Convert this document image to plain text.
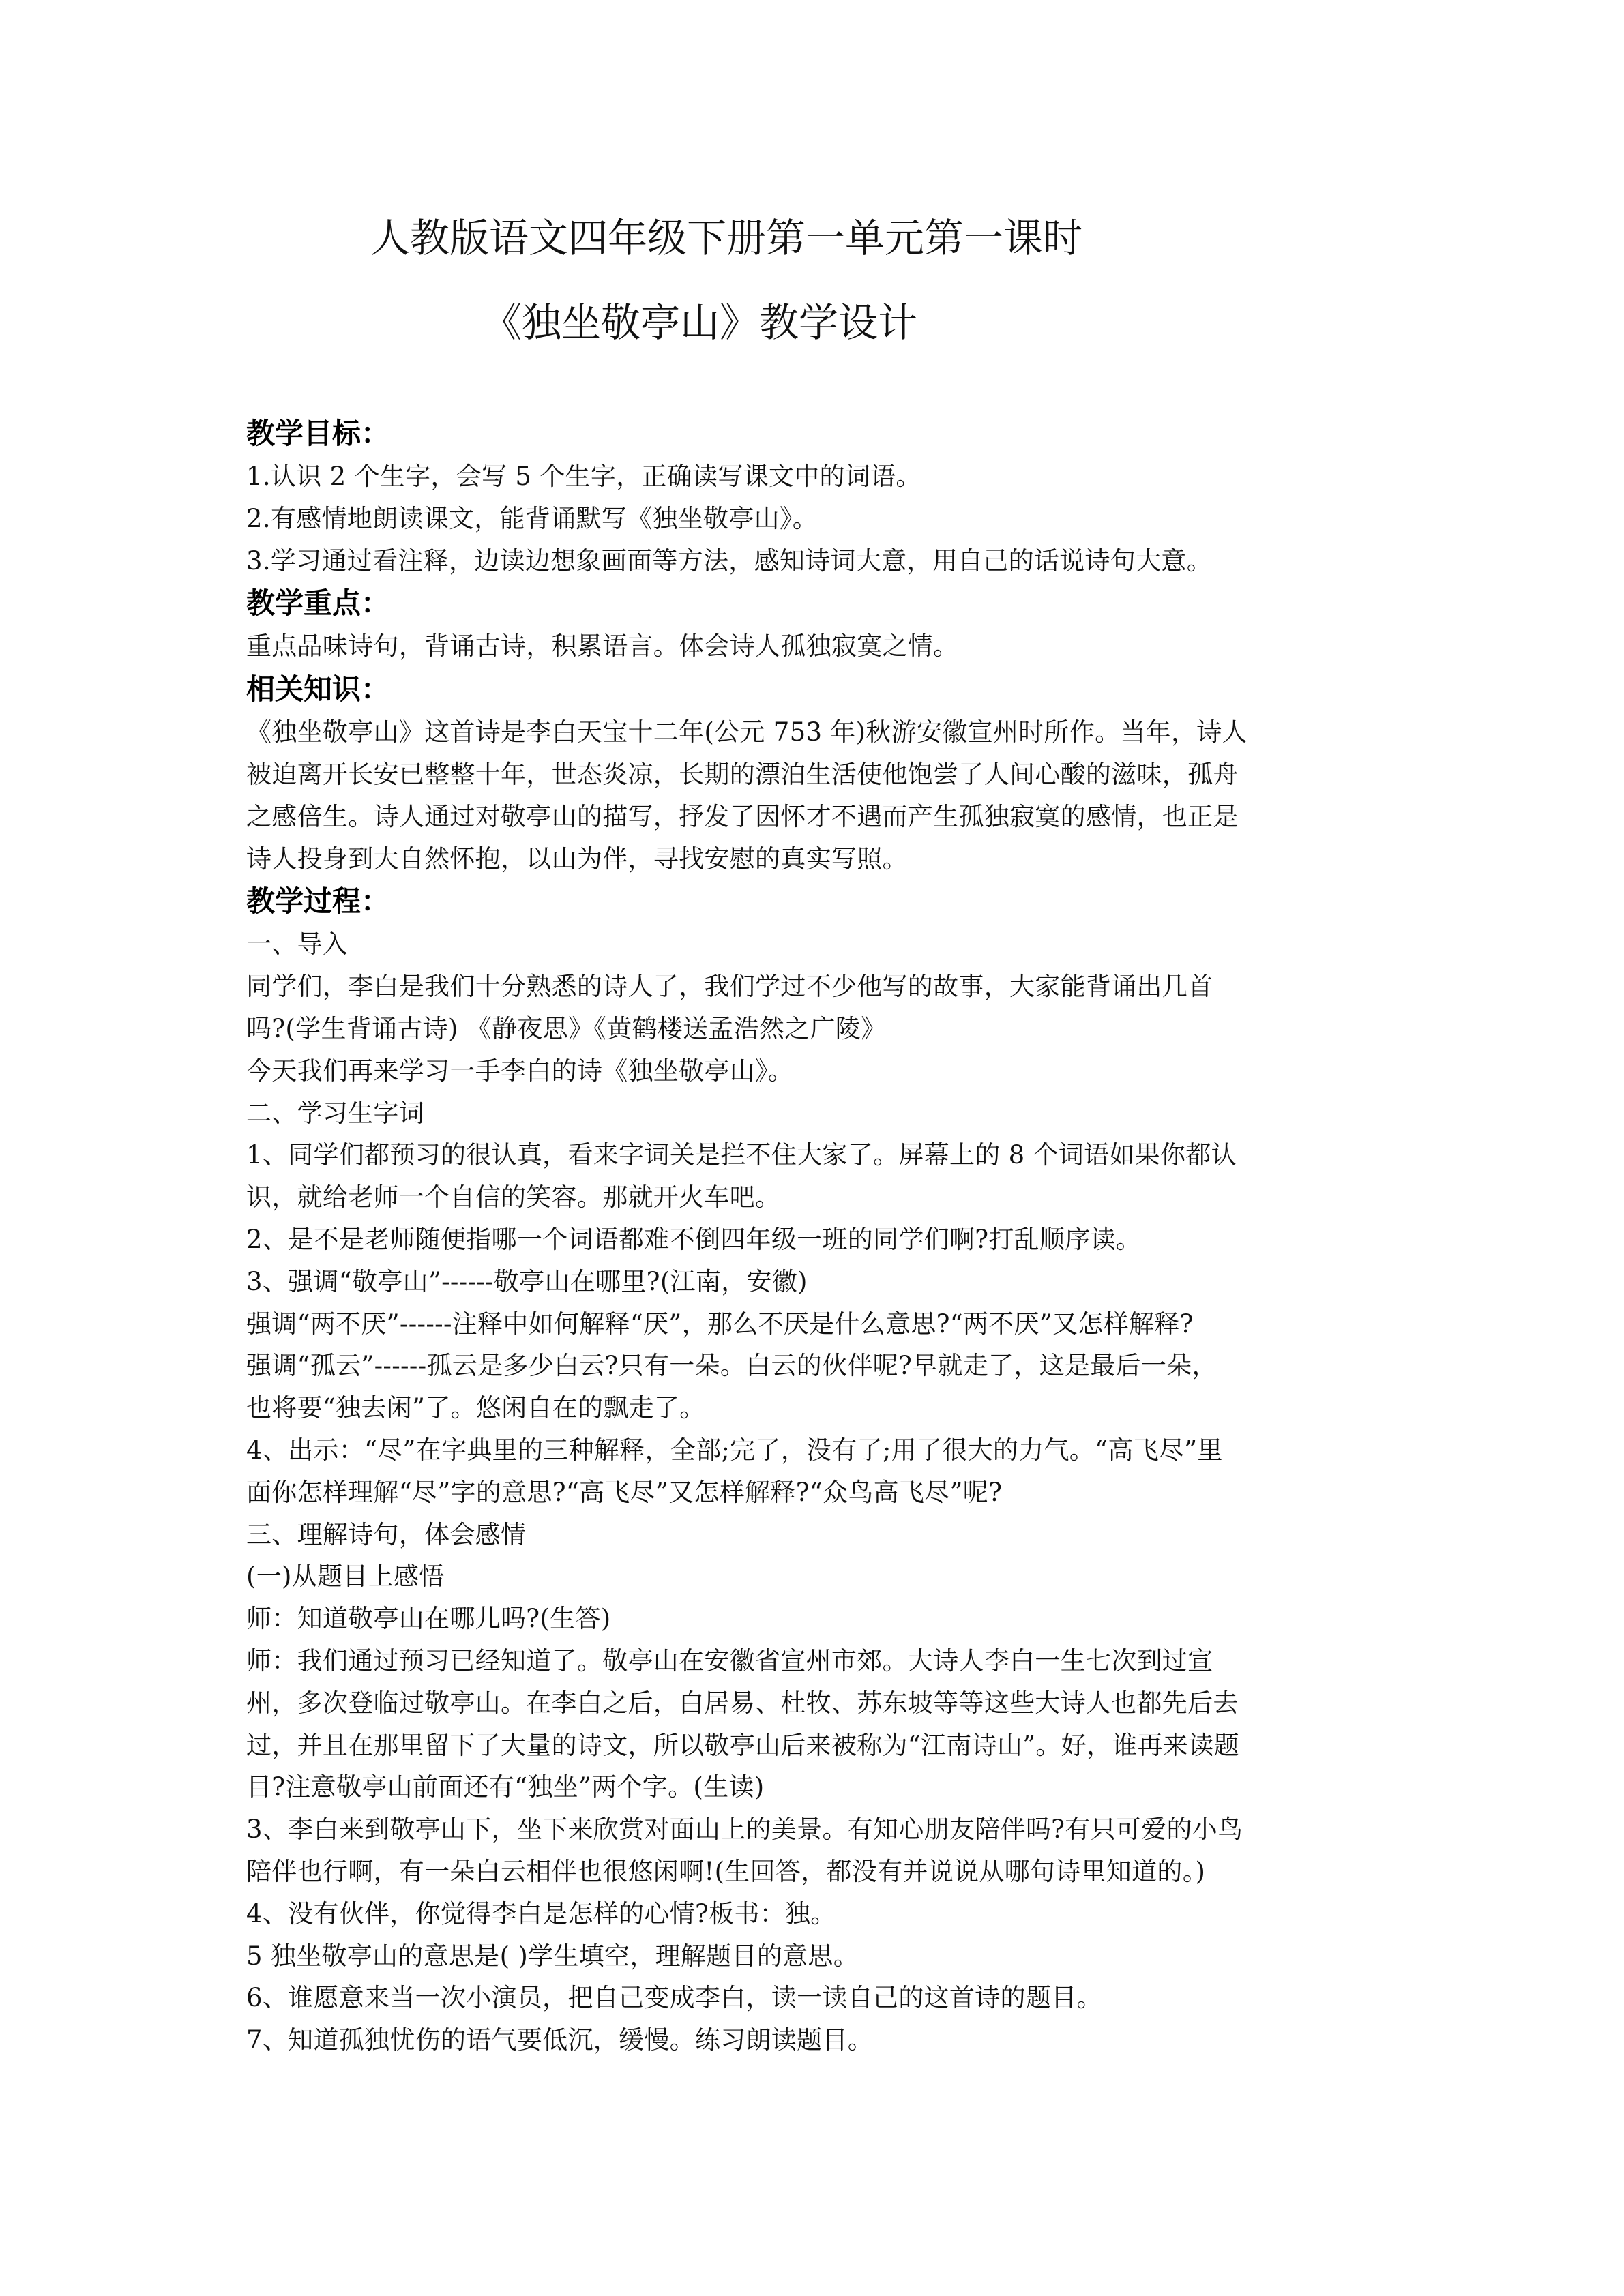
人教版语文四年级下册第一单元第一课时
《独坐敬亭山》教学设计
教学目标：
1.认识 2 个生字，会写 5 个生字，正确读写课文中的词语。
2.有感情地朗读课文，能背诵默写《独坐敬亭山》。
3.学习通过看注释，边读边想象画面等方法，感知诗词大意，用自己的话说诗句大意。
教学重点：
重点品味诗句，背诵古诗，积累语言。体会诗人孤独寂寞之情。
相关知识：
《独坐敬亭山》这首诗是李白天宝十二年(公元 753 年)秋游安徽宣州时所作。当年，诗人
被迫离开长安已整整十年，世态炎凉，长期的漂泊生活使他饱尝了人间心酸的滋味，孤舟
之感倍生。诗人通过对敬亭山的描写，抒发了因怀才不遇而产生孤独寂寞的感情，也正是
诗人投身到大自然怀抱，以山为伴，寻找安慰的真实写照。
教学过程：
一、导入
同学们，李白是我们十分熟悉的诗人了，我们学过不少他写的故事，大家能背诵出几首
吗?(学生背诵古诗) 《静夜思》《黄鹤楼送孟浩然之广陵》
今天我们再来学习一手李白的诗《独坐敬亭山》。
二、学习生字词
1、同学们都预习的很认真，看来字词关是拦不住大家了。屏幕上的 8 个词语如果你都认
识，就给老师一个自信的笑容。那就开火车吧。
2、是不是老师随便指哪一个词语都难不倒四年级一班的同学们啊?打乱顺序读。
3、强调“敬亭山”------敬亭山在哪里?(江南，安徽)
强调“两不厌”------注释中如何解释“厌”，那么不厌是什么意思?“两不厌”又怎样解释?
强调“孤云”------孤云是多少白云?只有一朵。白云的伙伴呢?早就走了，这是最后一朵，
也将要“独去闲”了。悠闲自在的飘走了。
4、出示：“尽”在字典里的三种解释，全部;完了，没有了;用了很大的力气。“高飞尽”里
面你怎样理解“尽”字的意思?“高飞尽”又怎样解释?“众鸟高飞尽”呢?
三、理解诗句，体会感情
(一)从题目上感悟
师：知道敬亭山在哪儿吗?(生答)
师：我们通过预习已经知道了。敬亭山在安徽省宣州市郊。大诗人李白一生七次到过宣
州，多次登临过敬亭山。在李白之后，白居易、杜牧、苏东坡等等这些大诗人也都先后去
过，并且在那里留下了大量的诗文，所以敬亭山后来被称为“江南诗山”。好，谁再来读题
目?注意敬亭山前面还有“独坐”两个字。(生读)
3、李白来到敬亭山下，坐下来欣赏对面山上的美景。有知心朋友陪伴吗?有只可爱的小鸟
陪伴也行啊，有一朵白云相伴也很悠闲啊!(生回答，都没有并说说从哪句诗里知道的。)
4、没有伙伴，你觉得李白是怎样的心情?板书：独。
5 独坐敬亭山的意思是( )学生填空，理解题目的意思。
6、谁愿意来当一次小演员，把自己变成李白，读一读自己的这首诗的题目。
7、知道孤独忧伤的语气要低沉，缓慢。练习朗读题目。
